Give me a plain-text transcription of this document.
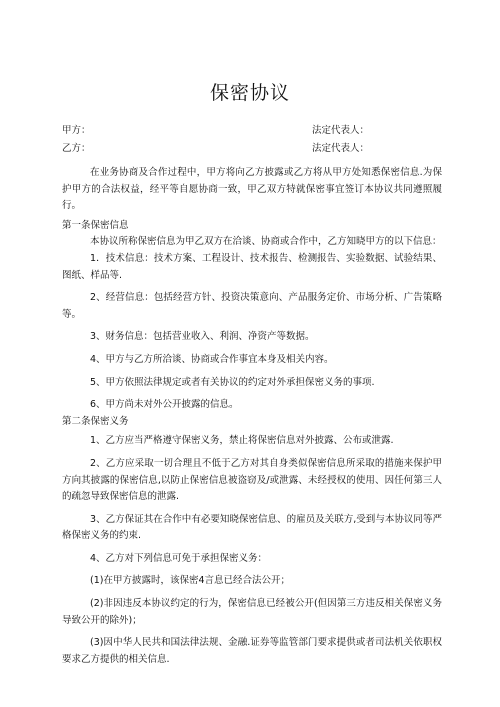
保密协议
甲方：	法定代表人：
乙方：	法定代表人：

在业务协商及合作过程中，甲方将向乙方披露或乙方将从甲方处知悉保密信息.为保护甲方的合法权益，经平等自愿协商一致，甲乙双方特就保密事宜签订本协议共同遵照履行。

第一条保密信息

本协议所称保密信息为甲乙双方在洽谈、协商或合作中，乙方知晓甲方的以下信息：

1．技术信息：技术方案、工程设计、技术报告、检测报告、实验数据、试验结果、图纸、样品等.

2、经营信息：包括经营方针、投资决策意向、产品服务定价、市场分析、广告策略等。

3、财务信息：包括营业收入、利润、净资产等数据。

4、甲方与乙方所洽谈、协商或合作事宜本身及相关内容。

5、甲方依照法律规定或者有关协议的约定对外承担保密义务的事项.

6、甲方尚未对外公开披露的信息。

第二条保密义务

1、乙方应当严格遵守保密义务，禁止将保密信息对外披露、公布或泄露.

2、乙方应采取一切合理且不低于乙方对其自身类似保密信息所采取的措施来保护甲方向其披露的保密信息,以防止保密信息被盗窃及/或泄露、未经授权的使用、因任何第三人的疏忽导致保密信息的泄露.

3、乙方保证其在合作中有必要知晓保密信息、的雇员及关联方,受到与本协议同等严格保密义务的约束.

4、乙方对下列信息可免于承担保密义务：

(1)在甲方披露时，该保密4言息已经合法公开；

(2)非因违反本协议约定的行为，保密信息已经被公开(但因第三方违反相关保密义务导致公开的除外)；

(3)因中华人民共和国法律法规、金融.证券等监管部门要求提供或者司法机关依职权要求乙方提供的相关信息.
